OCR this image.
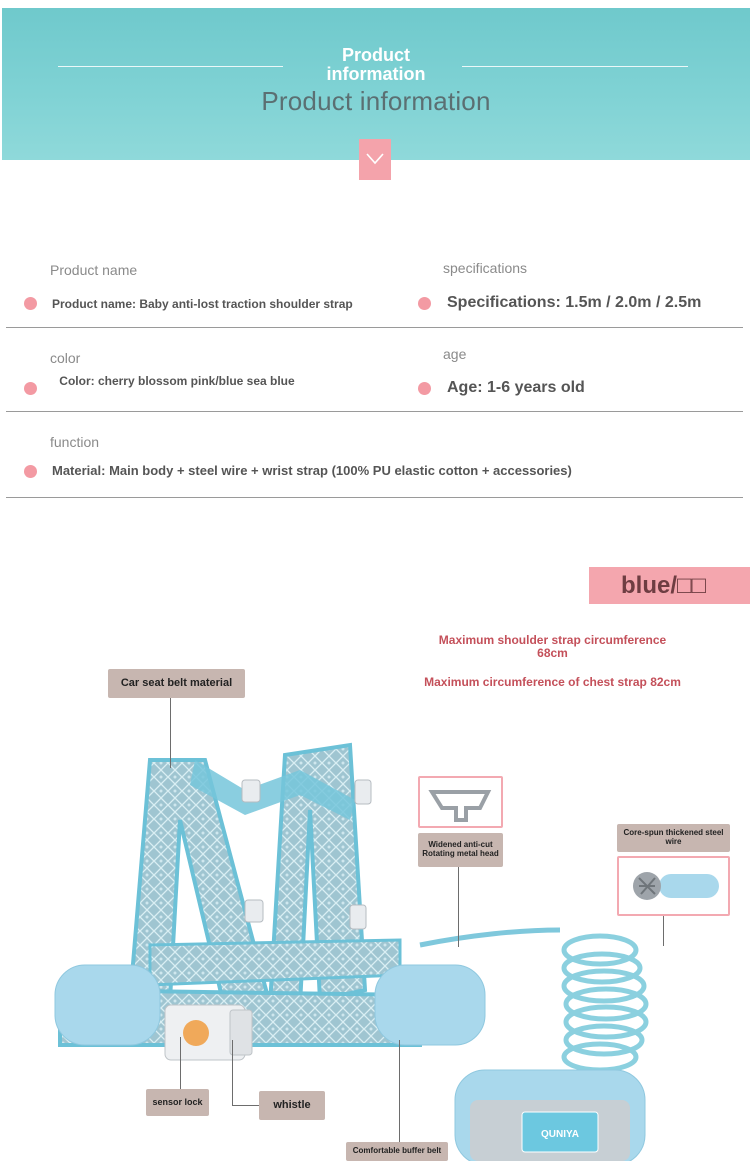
Product information
Product information
Product name
Product name: Baby anti-lost traction shoulder strap
specifications
Specifications: 1.5m / 2.0m / 2.5m
color
Color: cherry blossom pink/blue sea blue
age
Age: 1-6 years old
function
Material: Main body + steel wire + wrist strap (100% PU elastic cotton + accessories)
blue/□□
Maximum shoulder strap circumference 68cm
Maximum circumference of chest strap 82cm
QUNIYA
Car seat belt material
Widened anti-cut
Rotating metal head
Core-spun thickened steel wire
sensor lock	whistle
Comfortable buffer belt
